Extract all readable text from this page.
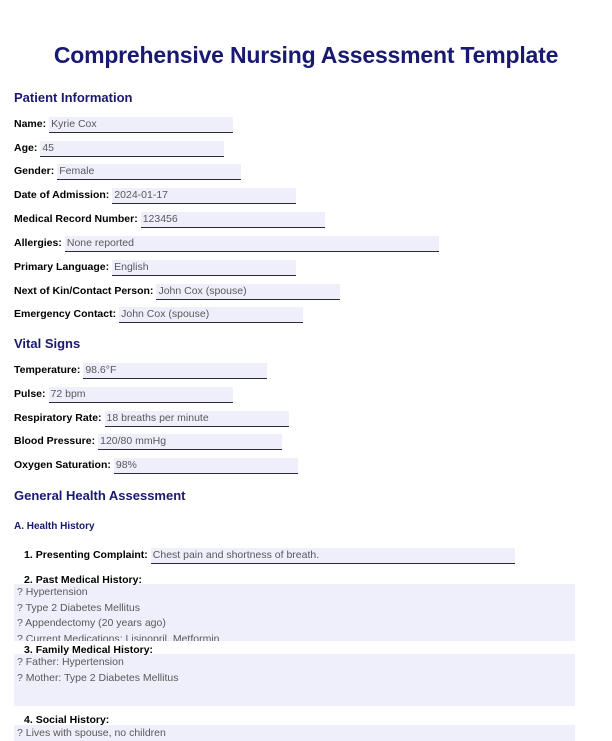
Comprehensive Nursing Assessment Template
Patient Information
Name: Kyrie Cox
Age: 45
Gender: Female
Date of Admission: 2024-01-17
Medical Record Number: 123456
Allergies: None reported
Primary Language: English
Next of Kin/Contact Person: John Cox (spouse)
Emergency Contact: John Cox (spouse)
Vital Signs
Temperature: 98.6°F
Pulse: 72 bpm
Respiratory Rate: 18 breaths per minute
Blood Pressure: 120/80 mmHg
Oxygen Saturation: 98%
General Health Assessment
A. Health History
1. Presenting Complaint: Chest pain and shortness of breath.
? Hypertension ? Type 2 Diabetes Mellitus ? Appendectomy (20 years ago) ? Current Medications: Lisinopril, Metformin
2. Past Medical History:
? Father: Hypertension ? Mother: Type 2 Diabetes Mellitus
3. Family Medical History:
? Lives with spouse, no children
4. Social History:
